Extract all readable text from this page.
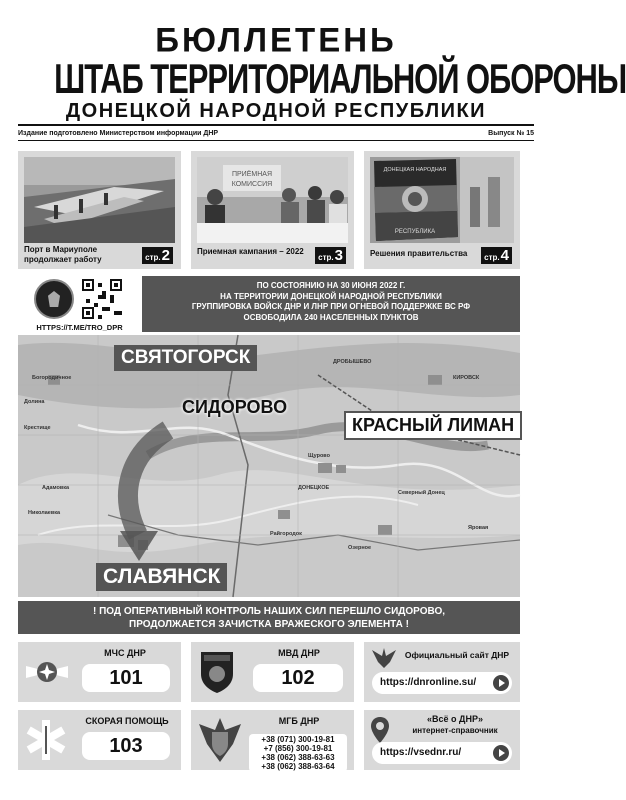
БЮЛЛЕТЕНЬ
ШТАБ ТЕРРИТОРИАЛЬНОЙ ОБОРОНЫ
ДОНЕЦКОЙ НАРОДНОЙ РЕСПУБЛИКИ
Издание подготовлено Министерством информации ДНР	Выпуск № 15
Порт в Мариуполе продолжает работу	стр. 2
ПРИЁМНАЯ
КОМИССИЯ
Приемная кампания – 2022
стр. 3
ДОНЕЦКАЯ НАРОДНАЯ
РЕСПУБЛИКА
Решения правительства	стр. 4
HTTPS://T.ME/TRO_DPR
ПО СОСТОЯНИЮ НА 30 ИЮНЯ 2022 Г.
НА ТЕРРИТОРИИ ДОНЕЦКОЙ НАРОДНОЙ РЕСПУБЛИКИ
ГРУППИРОВКА ВОЙСК ДНР И ЛНР ПРИ ОГНЕВОЙ ПОДДЕРЖКЕ ВС РФ
ОСВОБОДИЛА 240 НАСЕЛЕННЫХ ПУНКТОВ
ДРОБЫШЕВО
КИРОВСК
Богородичное
Долина
Крестище
Адамовка
Николаевка
Щурово
ДОНЕЦКОЕ
Райгородок
Северный Донец
Яровая
Озерное
СВЯТОГОРСК
СИДОРОВО
КРАСНЫЙ ЛИМАН
СЛАВЯНСК
! ПОД ОПЕРАТИВНЫЙ КОНТРОЛЬ НАШИХ СИЛ ПЕРЕШЛО СИДОРОВО,
ПРОДОЛЖАЕТСЯ ЗАЧИСТКА ВРАЖЕСКОГО ЭЛЕМЕНТА !
МЧС ДНР
101
МВД ДНР
102
Официальный сайт ДНР
https://dnronline.su/
СКОРАЯ ПОМОЩЬ
103
МГБ ДНР
+38 (071) 300-19-81
+7 (856) 300-19-81
+38 (062) 388-63-63
+38 (062) 388-63-64
«Всё о ДНР»
интернет-справочник
https://vsednr.ru/
